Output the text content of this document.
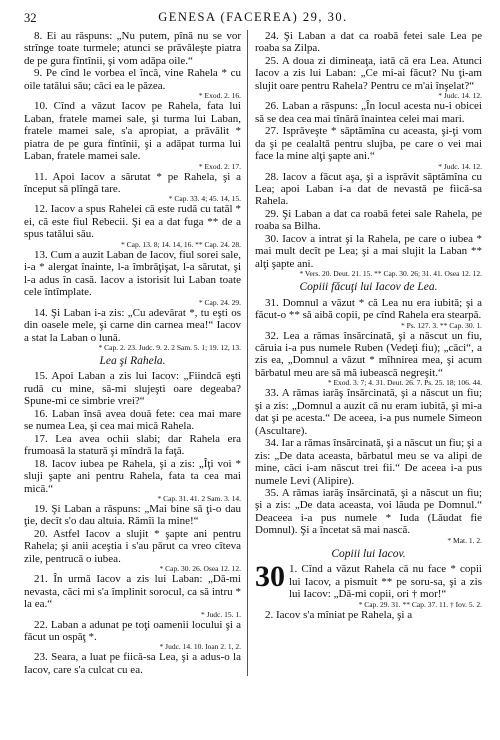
32	GENESA (FACEREA) 29, 30.

8. Ei au răspuns: „Nu putem, pînă nu se vor strînge toate turmele; atunci se prăvăleşte piatra de pe gura fîntînii, şi vom adăpa oile.“

9. Pe cînd le vorbea el încă, vine Rahela * cu oile tatălui său; căci ea le păzea.

* Exod. 2. 16.

10. Cînd a văzut Iacov pe Rahela, fata lui Laban, fratele mamei sale, şi turma lui Laban, fratele mamei sale, s'a apropiat, a prăvălit * piatra de pe gura fîntînii, şi a adăpat turma lui Laban, fratele mamei sale.

* Exod. 2. 17.

11. Apoi Iacov a sărutat * pe Rahela, şi a început să plîngă tare.

* Cap. 33. 4; 45. 14, 15.

12. Iacov a spus Rahelei că este rudă cu tatăl * ei, că este fiul Rebecii. Şi ea a dat fuga ** de a spus tatălui său.

* Cap. 13. 8; 14. 14, 16. ** Cap. 24. 28.

13. Cum a auzit Laban de Iacov, fiul sorei sale, i-a * alergat înainte, l-a îmbrăţişat, l-a sărutat, şi l-a adus în casă. Iacov a istorisit lui Laban toate cele întîmplate.

* Cap. 24. 29.

14. Şi Laban i-a zis: „Cu adevărat *, tu eşti os din oasele mele, şi carne din carnea mea!“ Iacov a stat la Laban o lună.

* Cap. 2. 23. Judc. 9. 2. 2 Sam. 5. 1; 19. 12, 13.
Lea şi Rahela.

15. Apoi Laban a zis lui Iacov: „Fiindcă eşti rudă cu mine, să-mi slujeşti oare degeaba? Spune-mi ce simbrie vrei?“

16. Laban însă avea două fete: cea mai mare se numea Lea, şi cea mai mică Rahela.

17. Lea avea ochii slabi; dar Rahela era frumoasă la statură şi mîndră la faţă.

18. Iacov iubea pe Rahela, şi a zis: „Îţi voi * sluji şapte ani pentru Rahela, fata ta cea mai mică.“

* Cap. 31. 41. 2 Sam. 3. 14.

19. Şi Laban a răspuns: „Mai bine să ţi-o dau ţie, decît s'o dau altuia. Rămîi la mine!“

20. Astfel Iacov a slujit * şapte ani pentru Rahela; şi anii aceştia i s'au părut ca vreo cîteva zile, pentrucă o iubea.

* Cap. 30. 26. Osea 12. 12.

21. În urmă Iacov a zis lui Laban: „Dă-mi nevasta, căci mi s'a împlinit sorocul, ca să intru * la ea.“

* Judc. 15. 1.

22. Laban a adunat pe toţi oamenii locului şi a făcut un ospăţ *.

* Judc. 14. 10. Ioan 2. 1, 2.

23. Seara, a luat pe fiică-sa Lea, şi a adus-o la Iacov, care s'a culcat cu ea.

24. Şi Laban a dat ca roabă fetei sale Lea pe roaba sa Zilpa.

25. A doua zi dimineaţa, iată că era Lea. Atunci Iacov a zis lui Laban: „Ce mi-ai făcut? Nu ţi-am slujit oare pentru Rahela? Pentru ce m'ai înşelat?“

* Judc. 14. 12.

26. Laban a răspuns: „În locul acesta nu-i obicei să se dea cea mai tînără înaintea celei mai mari.

27. Isprăveşte * săptămîna cu aceasta, şi-ţi vom da şi pe cealaltă pentru slujba, pe care o vei mai face la mine alţi şapte ani.“

* Judc. 14. 12.

28. Iacov a făcut aşa, şi a isprăvit săptămîna cu Lea; apoi Laban i-a dat de nevastă pe fiică-sa Rahela.

29. Şi Laban a dat ca roabă fetei sale Rahela, pe roaba sa Bilha.

30. Iacov a intrat şi la Rahela, pe care o iubea * mai mult decît pe Lea; şi a mai slujit la Laban ** alţi şapte ani.

* Vers. 20. Deut. 21. 15. ** Cap. 30. 26; 31. 41. Osea 12. 12.
Copiii făcuţi lui Iacov de Lea.

31. Domnul a văzut * că Lea nu era iubită; şi a făcut-o ** să aibă copii, pe cînd Rahela era stearpă.

* Ps. 127. 3. ** Cap. 30. 1.

32. Lea a rămas însărcinată, şi a născut un fiu, căruia i-a pus numele Ruben (Vedeţi fiu); „căci“, a zis ea, „Domnul a văzut * mîhnirea mea, şi acum bărbatul meu are să mă iubească negreşit.“

* Exod. 3. 7; 4. 31. Deut. 26. 7. Ps. 25. 18; 106. 44.

33. A rămas iarăş însărcinată, şi a născut un fiu; şi a zis: „Domnul a auzit că nu eram iubită, şi mi-a dat şi pe acesta.“ De aceea, i-a pus numele Simeon (Ascultare).

34. Iar a rămas însărcinată, şi a născut un fiu; şi a zis: „De data aceasta, bărbatul meu se va alipi de mine, căci i-am născut trei fii.“ De aceea i-a pus numele Levi (Alipire).

35. A rămas iarăş însărcinată, şi a născut un fiu; şi a zis: „De data aceasta, voi lăuda pe Domnul.“ Deaceea i-a pus numele * Iuda (Lăudat fie Domnul). Şi a încetat să mai nască.

* Mat. 1. 2.
Copiii lui Iacov.
30 1. Cînd a văzut Rahela că nu face * copii lui Iacov, a pismuit ** pe soru-sa, şi a zis lui Iacov: „Dă-mi copii, ori † mor!“

* Cap. 29. 31. ** Cap. 37. 11. † Iov. 5. 2.

2. Iacov s'a mîniat pe Rahela, şi a
